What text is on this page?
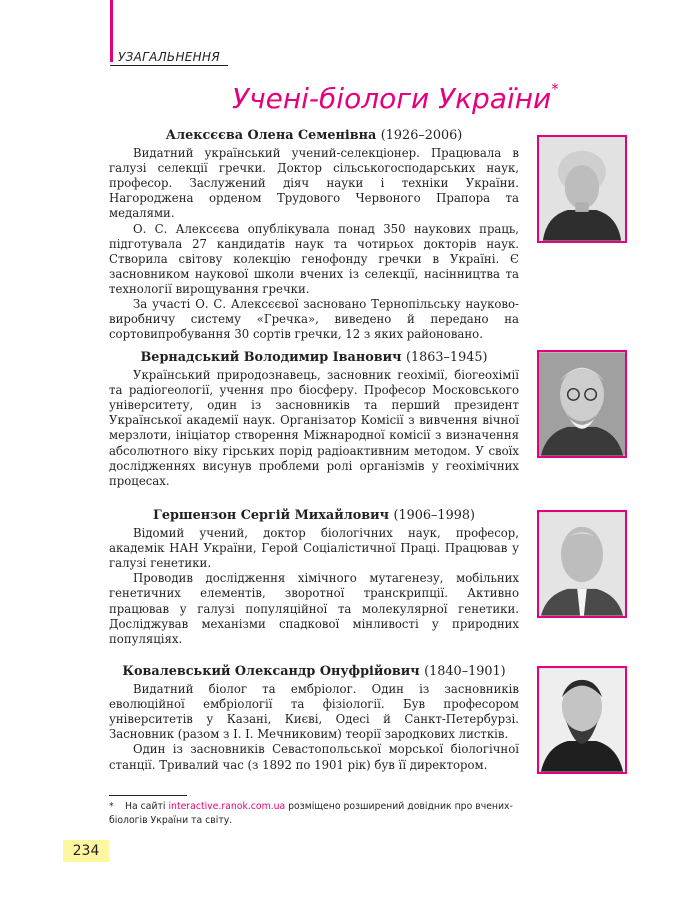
УЗАГАЛЬНЕННЯ
Учені-біологи України*
Алексєєва Олена Семенівна (1926–2006)

Видатний український учений-селекціонер. Працювала в галузі селекції гречки. Доктор сільськогосподарських наук, професор. Заслужений діяч науки і техніки України. Нагороджена орденом Трудового Червоного Прапора та медалями.

О. С. Алексєєва опублікувала понад 350 наукових праць, підготувала 27 кандидатів наук та чотирьох докторів наук. Створила світову колекцію генофонду гречки в Україні. Є засновником наукової школи вчених із селекції, насінництва та технології вирощування гречки.

За участі О. С. Алексєєвої засновано Тернопільську науково-виробничу систему «Гречка», виведено й передано на сортовипробування 30 сортів гречки, 12 з яких районовано.

Вернадський Володимир Іванович (1863–1945)

Український природознавець, засновник геохімії, біогеохімії та радіогеології, учення про біосферу. Професор Московського університету, один із засновників та перший президент Української академії наук. Організатор Комісії з вивчення вічної мерзлоти, ініціатор створення Міжнародної комісії з визначення абсолютного віку гірських порід радіоактивним методом. У своїх дослідженнях висунув проблеми ролі організмів у геохімічних процесах.

Гершензон Сергій Михайлович (1906–1998)

Відомий учений, доктор біологічних наук, професор, академік НАН України, Герой Соціалістичної Праці. Працював у галузі генетики.

Проводив дослідження хімічного мутагенезу, мобільних генетичних елементів, зворотної транскрипції. Активно працював у галузі популяційної та молекулярної генетики. Досліджував механізми спадкової мінливості у природних популяціях.

Ковалевський Олександр Онуфрійович (1840–1901)

Видатний біолог та ембріолог. Один із засновників еволюційної ембріології та фізіології. Був професором університетів у Казані, Києві, Одесі й Санкт-Петербурзі. Засновник (разом з І. І. Мечниковим) теорії зародкових листків.

Один із засновників Севастопольської морської біологічної станції. Тривалий час (з 1892 по 1901 рік) був її директором.

* На сайті interactive.ranok.com.ua розміщено розширений довідник про вчених-біологів України та світу.
234
